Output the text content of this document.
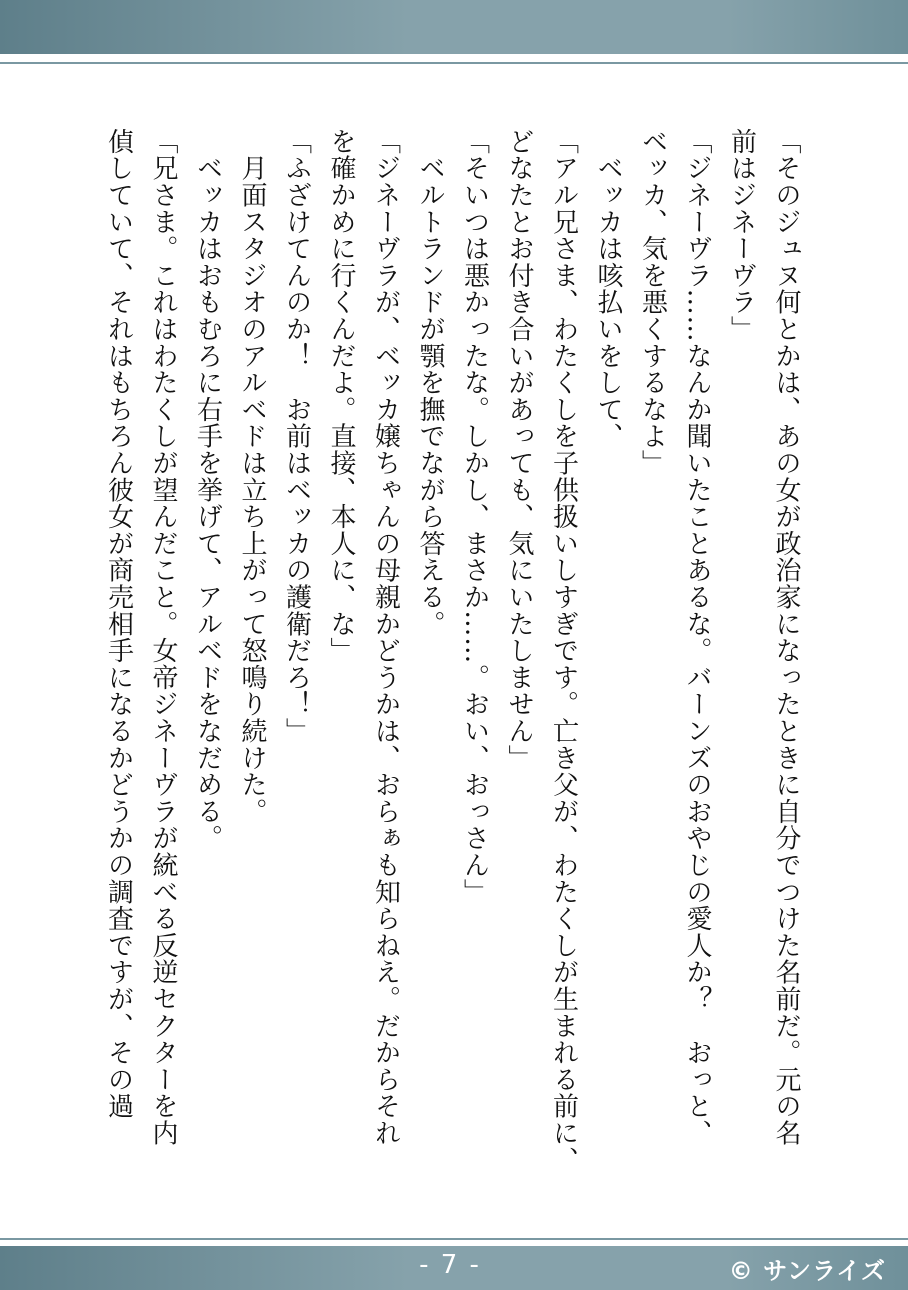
「そのジュヌ何とかは、あの女が政治家になったときに自分でつけた名前だ。元の名
前はジネーヴラ」
「ジネーヴラ……なんか聞いたことあるな。バーンズのおやじの愛人か？　おっと、
ベッカ、気を悪くするなよ」
　ベッカは咳払いをして、
「アル兄さま、わたくしを子供扱いしすぎです。亡き父が、わたくしが生まれる前に、
どなたとお付き合いがあっても、気にいたしません」
「そいつは悪かったな。しかし、まさか……。おい、おっさん」
　ベルトランドが顎を撫でながら答える。
「ジネーヴラが、ベッカ嬢ちゃんの母親かどうかは、おらぁも知らねえ。だからそれ
を確かめに行くんだよ。直接、本人に、な」
「ふざけてんのか！　お前はベッカの護衛だろ！」
　月面スタジオのアルベドは立ち上がって怒鳴り続けた。
　ベッカはおもむろに右手を挙げて、アルベドをなだめる。
「兄さま。これはわたくしが望んだこと。女帝ジネーヴラが統べる反逆セクターを内
偵していて、それはもちろん彼女が商売相手になるかどうかの調査ですが、その過
- 7 -	© サンライズ
